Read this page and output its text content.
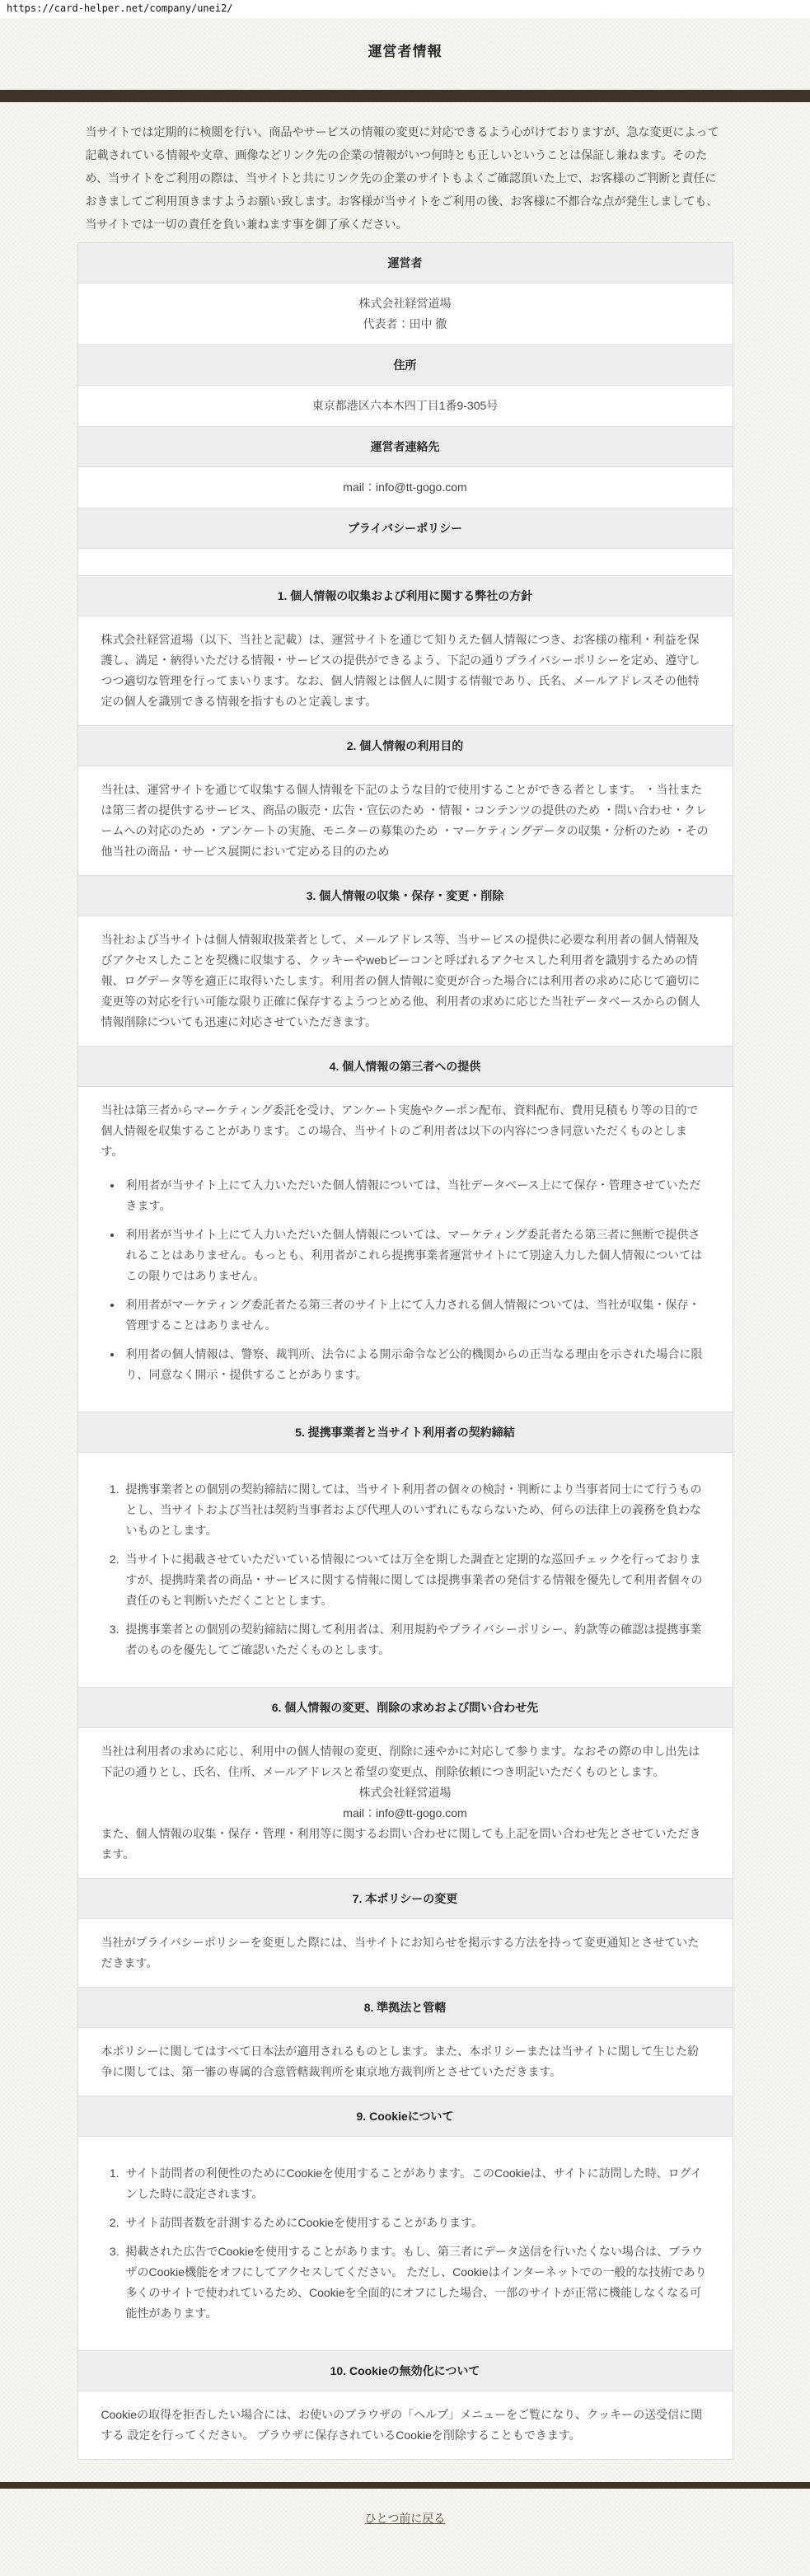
https://card-helper.net/company/unei2/
運営者情報

当サイトでは定期的に検閲を行い、商品やサービスの情報の変更に対応できるよう心がけておりますが、急な変更によって記載されている情報や文章、画像などリンク先の企業の情報がいつ何時とも正しいということは保証し兼ねます。そのため、当サイトをご利用の際は、当サイトと共にリンク先の企業のサイトもよくご確認頂いた上で、お客様のご判断と責任におきましてご利用頂きますようお願い致します。お客様が当サイトをご利用の後、お客様に不都合な点が発生しましても、当サイトでは一切の責任を負い兼ねます事を御了承ください。

運営者

株式会社経営道場

代表者：田中 徹

住所

東京都港区六本木四丁目1番9-305号

運営者連絡先

mail：info@tt-gogo.com

プライバシーポリシー
1. 個人情報の収集および利用に関する弊社の方針

株式会社経営道場（以下、当社と記載）は、運営サイトを通じて知りえた個人情報につき、お客様の権利・利益を保護し、満足・納得いただける情報・サービスの提供ができるよう、下記の通りプライバシーポリシーを定め、遵守しつつ適切な管理を行ってまいります。なお、個人情報とは個人に関する情報であり、氏名、メールアドレスその他特定の個人を識別できる情報を指すものと定義します。

2. 個人情報の利用目的

当社は、運営サイトを通じて収集する個人情報を下記のような目的で使用することができる者とします。 ・当社または第三者の提供するサービス、商品の販売・広告・宣伝のため ・情報・コンテンツの提供のため ・問い合わせ・クレームへの対応のため ・アンケートの実施、モニターの募集のため ・マーケティングデータの収集・分析のため ・その他当社の商品・サービス展開において定める目的のため

3. 個人情報の収集・保存・変更・削除

当社および当サイトは個人情報取扱業者として、メールアドレス等、当サービスの提供に必要な利用者の個人情報及びアクセスしたことを契機に収集する、クッキーやwebビーコンと呼ばれるアクセスした利用者を識別するための情報、ログデータ等を適正に取得いたします。利用者の個人情報に変更が合った場合には利用者の求めに応じて適切に変更等の対応を行い可能な限り正確に保存するようつとめる他、利用者の求めに応じた当社データベースからの個人情報削除についても迅速に対応させていただきます。

4. 個人情報の第三者への提供

当社は第三者からマーケティング委託を受け、アンケート実施やクーポン配布、資料配布、費用見積もり等の目的で個人情報を収集することがあります。この場合、当サイトのご利用者は以下の内容につき同意いただくものとします。

• 利用者が当サイト上にて入力いただいた個人情報については、当社データベース上にて保存・管理させていただきます。
• 利用者が当サイト上にて入力いただいた個人情報については、マーケティング委託者たる第三者に無断で提供されることはありません。もっとも、利用者がこれら提携事業者運営サイトにて別途入力した個人情報についてはこの限りではありません。
• 利用者がマーケティング委託者たる第三者のサイト上にて入力される個人情報については、当社が収集・保存・管理することはありません。
• 利用者の個人情報は、警察、裁判所、法令による開示命令など公的機関からの正当なる理由を示された場合に限り、同意なく開示・提供することがあります。
5. 提携事業者と当サイト利用者の契約締結
1. 提携事業者との個別の契約締結に関しては、当サイト利用者の個々の検討・判断により当事者同士にて行うものとし、当サイトおよび当社は契約当事者および代理人のいずれにもならないため、何らの法律上の義務を負わないものとします。
2. 当サイトに掲載させていただいている情報については万全を期した調査と定期的な巡回チェックを行っておりますが、提携時業者の商品・サービスに関する情報に関しては提携事業者の発信する情報を優先して利用者個々の責任のもと判断いただくこととします。
3. 提携事業者との個別の契約締結に関して利用者は、利用規約やプライバシーポリシー、約款等の確認は提携事業者のものを優先してご確認いただくものとします。
6. 個人情報の変更、削除の求めおよび問い合わせ先

当社は利用者の求めに応じ、利用中の個人情報の変更、削除に速やかに対応して参ります。なおその際の申し出先は下記の通りとし、氏名、住所、メールアドレスと希望の変更点、削除依頼につき明記いただくものとします。

株式会社経営道場

mail：info@tt-gogo.com

また、個人情報の収集・保存・管理・利用等に関するお問い合わせに関しても上記を問い合わせ先とさせていただきます。

7. 本ポリシーの変更

当社がプライバシーポリシーを変更した際には、当サイトにお知らせを掲示する方法を持って変更通知とさせていただきます。

8. 準拠法と管轄

本ポリシーに関してはすべて日本法が適用されるものとします。また、本ポリシーまたは当サイトに関して生じた紛争に関しては、第一審の専属的合意管轄裁判所を東京地方裁判所とさせていただきます。

9. Cookieについて
1. サイト訪問者の利便性のためにCookieを使用することがあります。このCookieは、サイトに訪問した時、ログインした時に設定されます。
2. サイト訪問者数を計測するためにCookieを使用することがあります。
3. 掲載された広告でCookieを使用することがあります。もし、第三者にデータ送信を行いたくない場合は、ブラウザのCookie機能をオフにしてアクセスしてください。 ただし、Cookieはインターネットでの一般的な技術であり多くのサイトで使われているため、Cookieを全面的にオフにした場合、一部のサイトが正常に機能しなくなる可能性があります。
10. Cookieの無効化について

Cookieの取得を拒否したい場合には、お使いのブラウザの「ヘルプ」メニューをご覧になり、クッキーの送受信に関する 設定を行ってください。 ブラウザに保存されているCookieを削除することもできます。

ひとつ前に戻る
